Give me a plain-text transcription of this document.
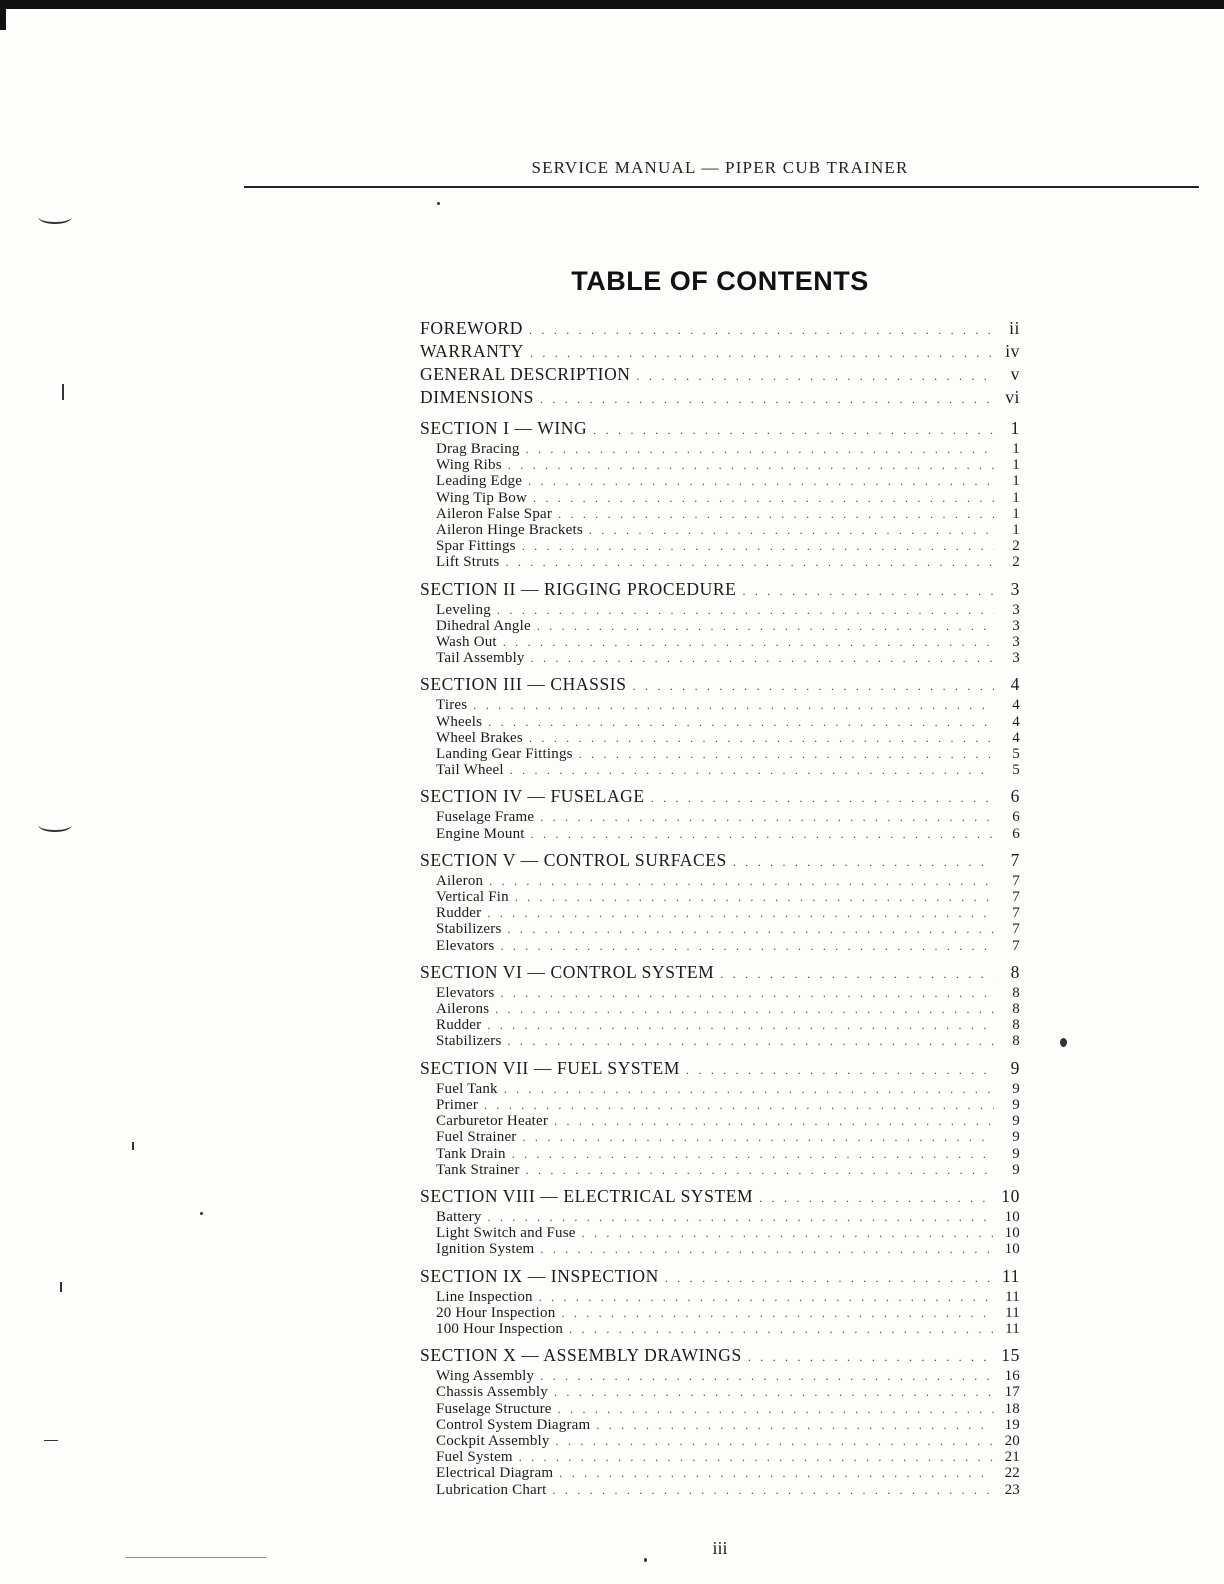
SERVICE MANUAL — PIPER CUB TRAINER
TABLE OF CONTENTS
FOREWORD . . .	ii
WARRANTY . . .	iv
GENERAL DESCRIPTION . . .	v
DIMENSIONS . . .	vi
SECTION I — WING . . .	1
Drag Bracing . . .	1
Wing Ribs . . .	1
Leading Edge . . .	1
Wing Tip Bow . . .	1
Aileron False Spar . . .	1
Aileron Hinge Brackets . . .	1
Spar Fittings . . .	2
Lift Struts . . .	2
SECTION II — RIGGING PROCEDURE . . .	3
Leveling . . .	3
Dihedral Angle . . .	3
Wash Out . . .	3
Tail Assembly . . .	3
SECTION III — CHASSIS . . .	4
Tires . . .	4
Wheels . . .	4
Wheel Brakes . . .	4
Landing Gear Fittings . . .	5
Tail Wheel . . .	5
SECTION IV — FUSELAGE . . .	6
Fuselage Frame . . .	6
Engine Mount . . .	6
SECTION V — CONTROL SURFACES . . .	7
Aileron . . .	7
Vertical Fin . . .	7
Rudder . . .	7
Stabilizers . . .	7
Elevators . . .	7
SECTION VI — CONTROL SYSTEM . . .	8
Elevators . . .	8
Ailerons . . .	8
Rudder . . .	8
Stabilizers . . .	8
SECTION VII — FUEL SYSTEM . . .	9
Fuel Tank . . .	9
Primer . . .	9
Carburetor Heater . . .	9
Fuel Strainer . . .	9
Tank Drain . . .	9
Tank Strainer . . .	9
SECTION VIII — ELECTRICAL SYSTEM . . .	10
Battery . . .	10
Light Switch and Fuse . . .	10
Ignition System . . .	10
SECTION IX — INSPECTION . . .	11
Line Inspection . . .	11
20 Hour Inspection . . .	11
100 Hour Inspection . . .	11
SECTION X — ASSEMBLY DRAWINGS . . .	15
Wing Assembly . . .	16
Chassis Assembly . . .	17
Fuselage Structure . . .	18
Control System Diagram . . .	19
Cockpit Assembly . . .	20
Fuel System . . .	21
Electrical Diagram . . .	22
Lubrication Chart . . .	23
iii
